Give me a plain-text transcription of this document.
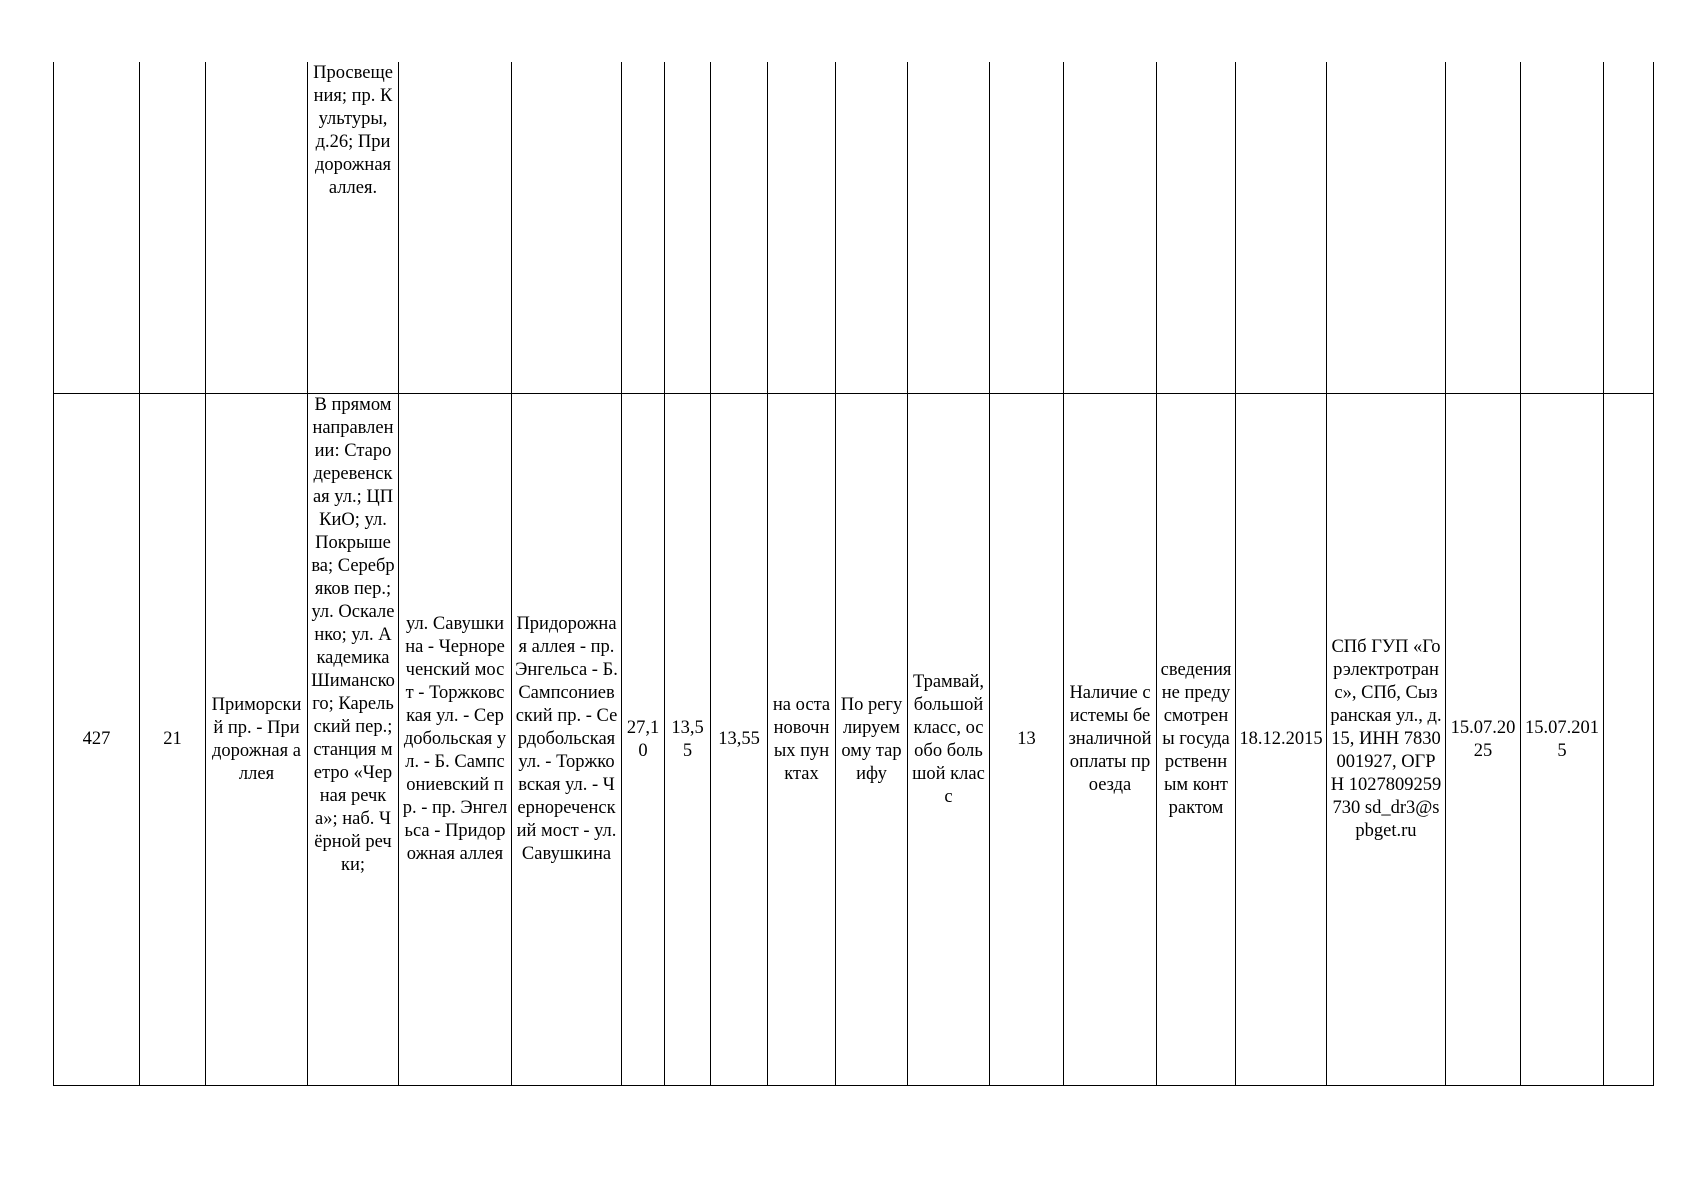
			Просвещения; пр. Культуры, д.26; Придорожная аллея.																

427	21	Приморский пр. - Придорожная аллея	В прямом направлении: Стародеревенская ул.; ЦПКиО; ул. Покрышева; Серебряков пер.; ул. Оскаленко; ул. Академика Шиманского; Карельский пер.; станция метро «Черная речка»; наб. Чёрной речки;	ул. Савушкина - Чернореченский мост - Торжковская ул. - Сердобольская ул. - Б. Сампсониевский пр. - пр. Энгельса - Придорожная аллея	Придорожная аллея - пр. Энгельса - Б. Сампсониевский пр. - Сердобольская ул. - Торжковская ул. - Чернореченский мост - ул. Савушкина	27,10	13,55	13,55	на остановочных пунктах	По регулируемому тарифу	Трамвай, большой класс, особо большой класс	13	Наличие системы безналичной оплаты проезда	сведения не предусмотрены государственным контрактом	18.12.2015	СПб ГУП «Горэлектротранс», СПб, Сызранская ул., д. 15, ИНН 7830001927, ОГРН 1027809259730 sd_dr3@spbget.ru	15.07.2025	15.07.2015	
